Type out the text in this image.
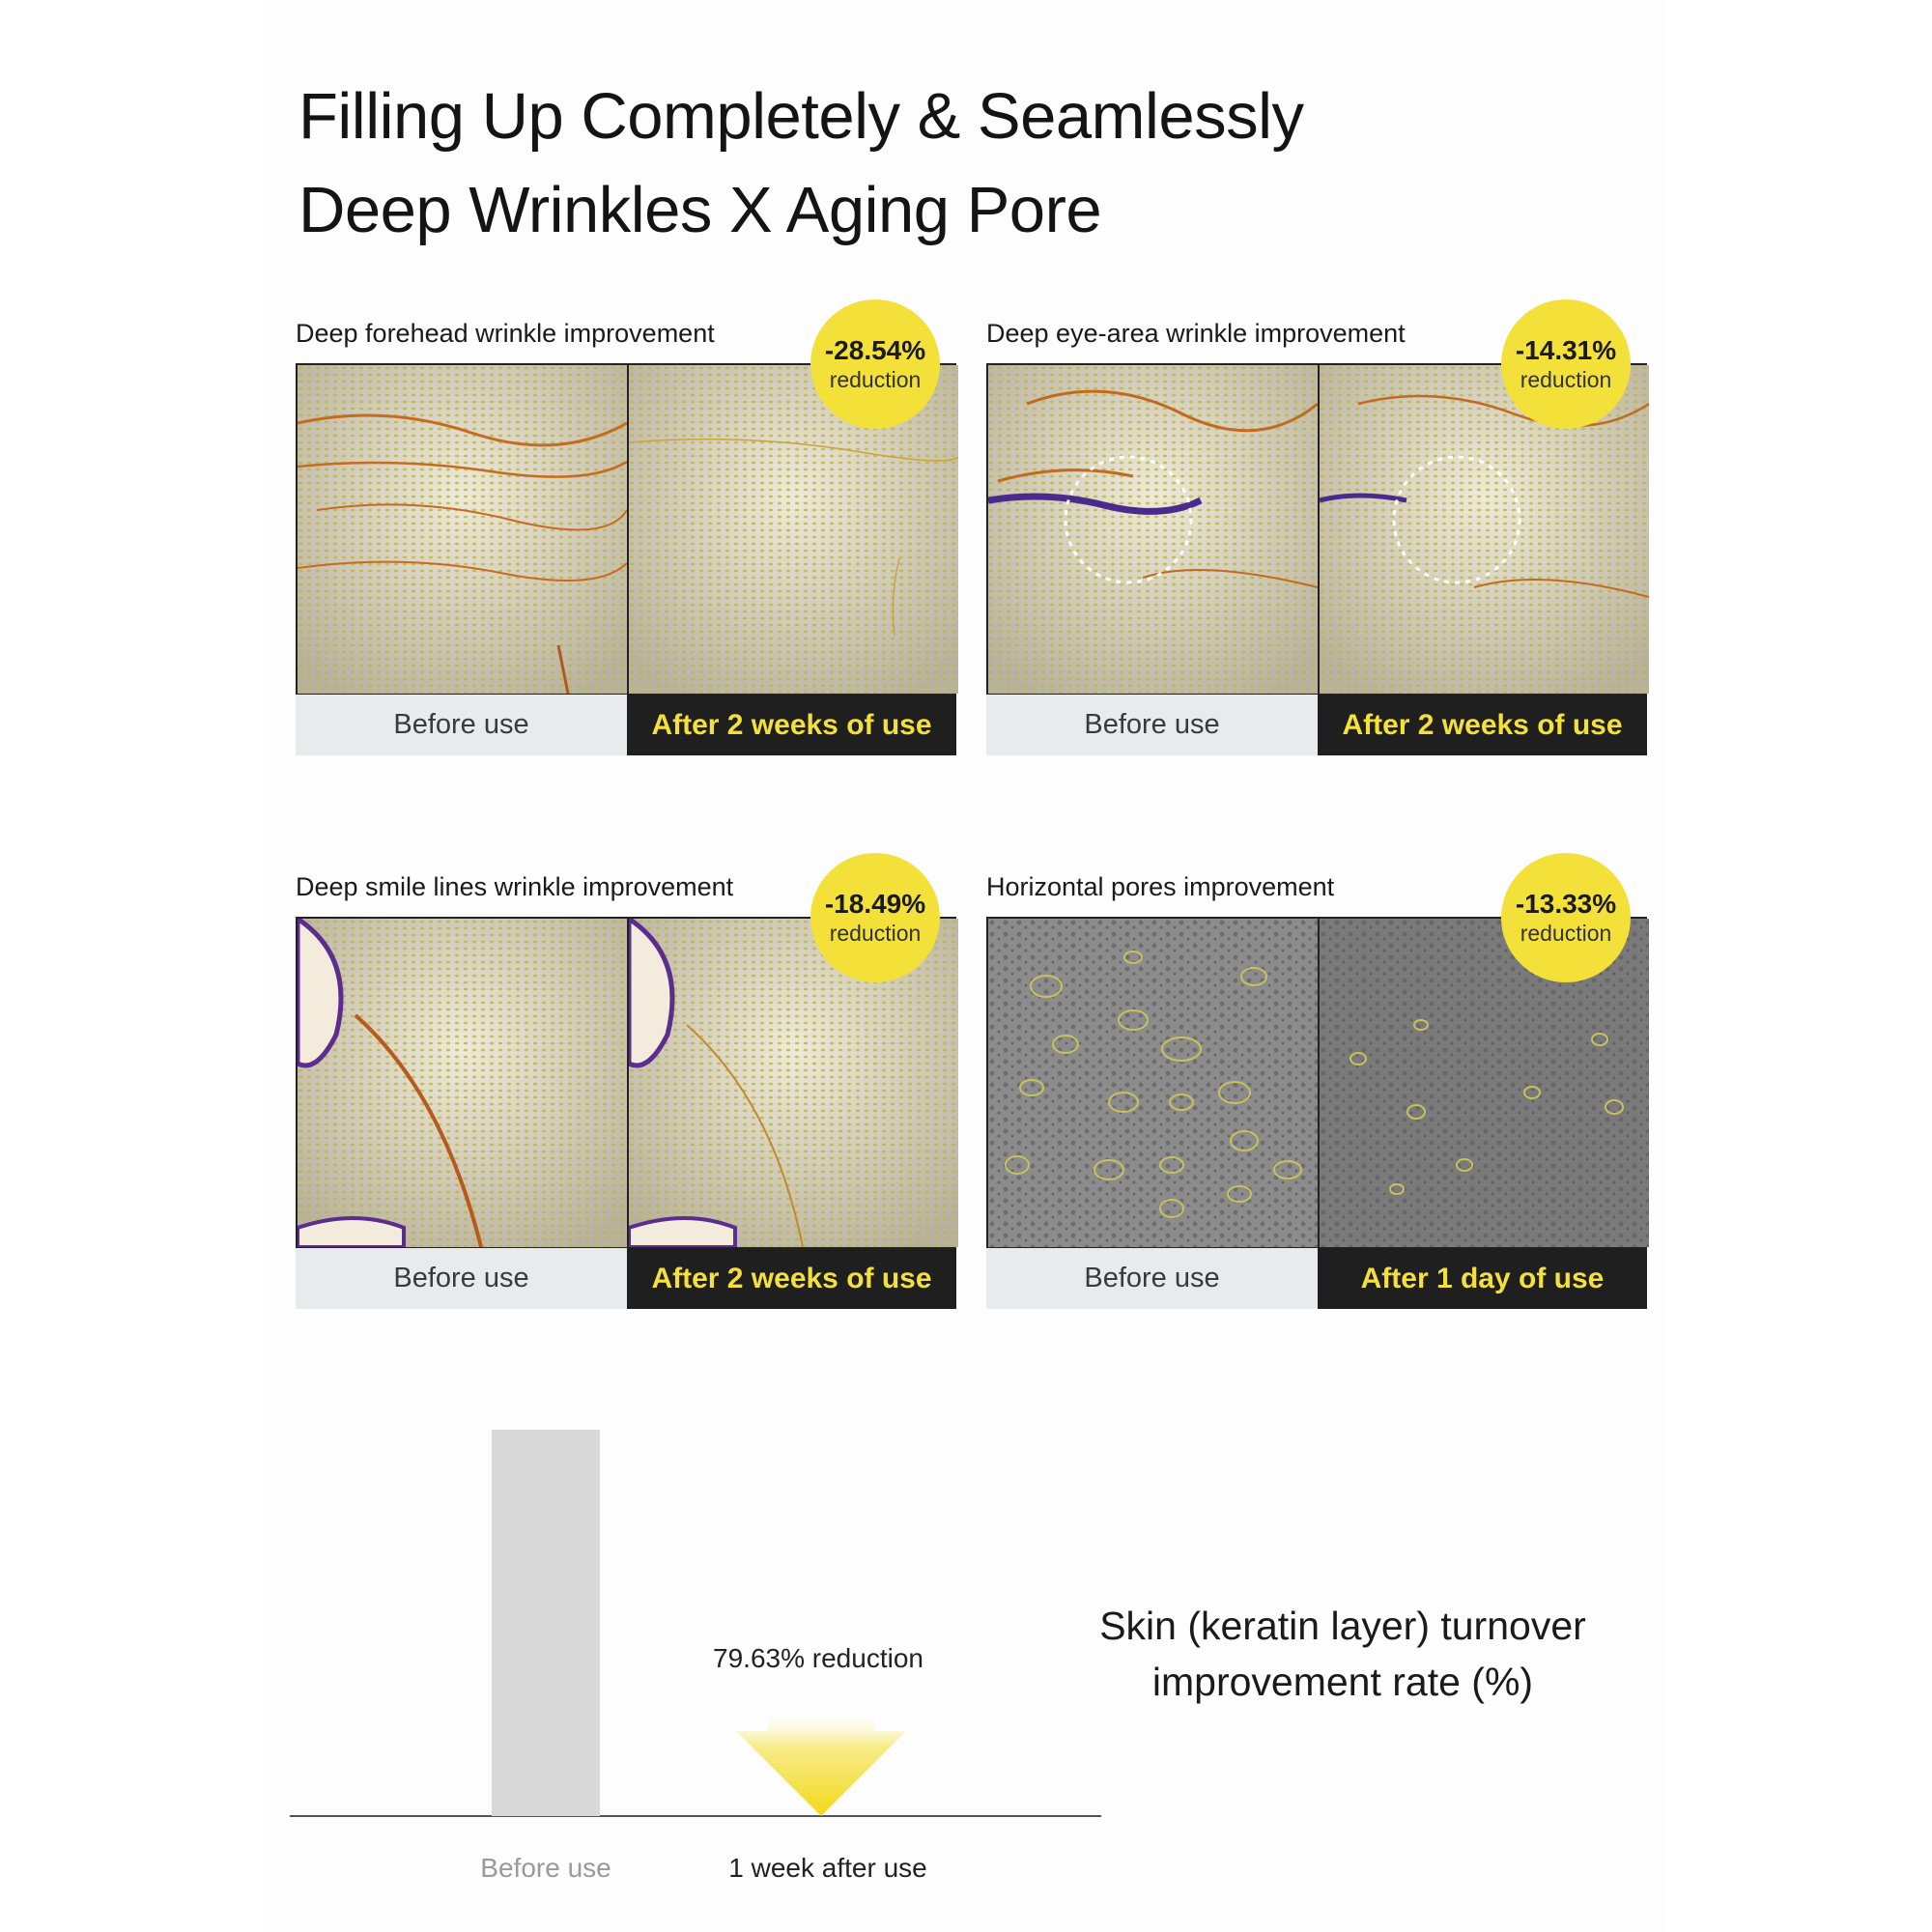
Filling Up Completely & Seamlessly
Deep Wrinkles X Aging Pore
Deep forehead wrinkle improvement
Before use	After 2 weeks of use
-28.54%
reduction
Deep eye-area wrinkle improvement
Before use	After 2 weeks of use
-14.31%
reduction
Deep smile lines wrinkle improvement
Before use	After 2 weeks of use
-18.49%
reduction
Horizontal pores improvement
Before use	After 1 day of use
-13.33%
reduction
79.63% reduction
Before use	1 week after use
Skin (keratin layer) turnover improvement rate (%)
